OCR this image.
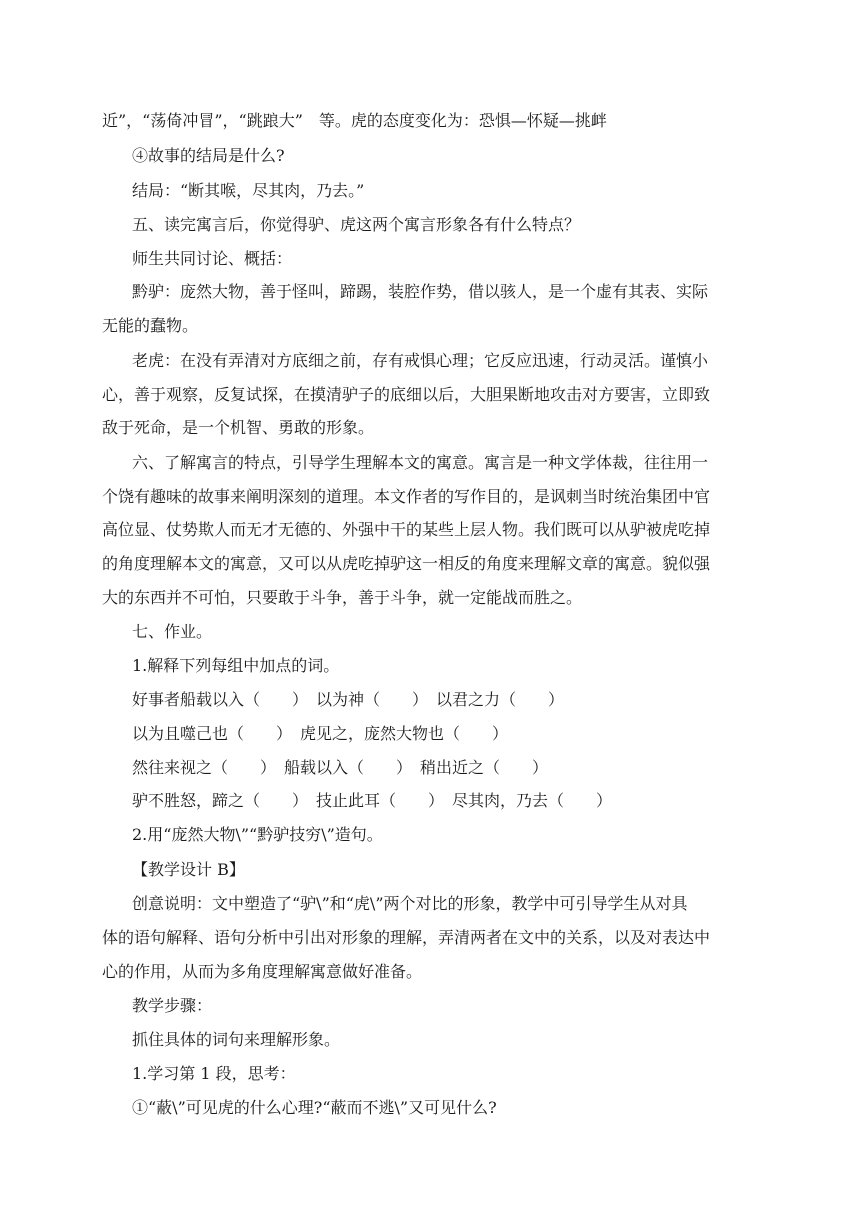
近”，“荡倚冲冒”，“跳踉大”　等。虎的态度变化为：恐惧—怀疑—挑衅
④故事的结局是什么?
结局：“断其喉，尽其肉，乃去。”
五、读完寓言后，你觉得驴、虎这两个寓言形象各有什么特点？
师生共同讨论、概括：
黔驴：庞然大物，善于怪叫，蹄踢，装腔作势，借以骇人，是一个虚有其表、实际
无能的蠢物。
老虎：在没有弄清对方底细之前，存有戒惧心理；它反应迅速，行动灵活。谨慎小
心，善于观察，反复试探，在摸清驴子的底细以后，大胆果断地攻击对方要害，立即致
敌于死命，是一个机智、勇敢的形象。
六、了解寓言的特点，引导学生理解本文的寓意。寓言是一种文学体裁，往往用一
个饶有趣味的故事来阐明深刻的道理。本文作者的写作目的，是讽刺当时统治集团中官
高位显、仗势欺人而无才无德的、外强中干的某些上层人物。我们既可以从驴被虎吃掉
的角度理解本文的寓意，又可以从虎吃掉驴这一相反的角度来理解文章的寓意。貌似强
大的东西并不可怕，只要敢于斗争，善于斗争，就一定能战而胜之。
七、作业。
1.解释下列每组中加点的词。
好事者船载以入（　　）　以为神（　　）　以君之力（　　）
以为且噬己也（　　）　虎见之，庞然大物也（　　）
然往来视之（　　）　船载以入（　　）　稍出近之（　　）
驴不胜怒，蹄之（　　）　技止此耳（　　）　尽其肉，乃去（　　）
2.用“庞然大物\”“黔驴技穷\”造句。
【教学设计 B】
创意说明：文中塑造了“驴\”和“虎\”两个对比的形象，教学中可引导学生从对具
体的语句解释、语句分析中引出对形象的理解，弄清两者在文中的关系，以及对表达中
心的作用，从而为多角度理解寓意做好准备。
教学步骤：
抓住具体的词句来理解形象。
1.学习第 1 段，思考：
①“蔽\”可见虎的什么心理?“蔽而不逃\”又可见什么?
